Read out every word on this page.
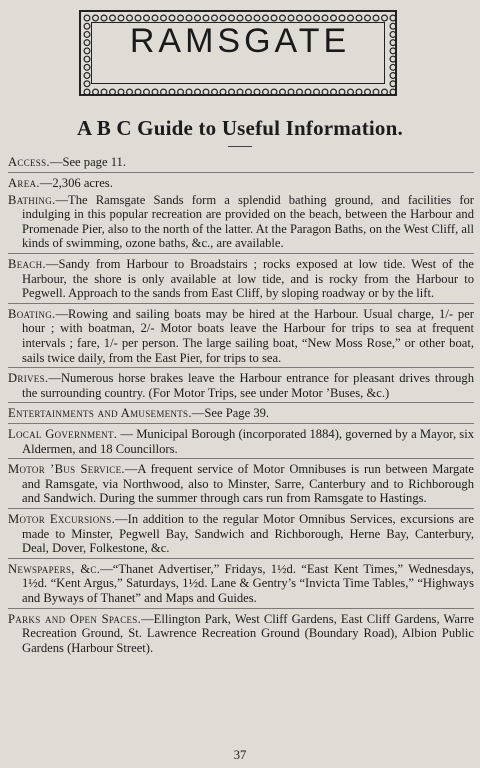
RAMSGATE
A B C Guide to Useful Information.
Access.—See page 11.
Area.—2,306 acres.
Bathing.—The Ramsgate Sands form a splendid bathing ground, and facilities for indulging in this popular recreation are provided on the beach, between the Harbour and Promenade Pier, also to the north of the latter. At the Paragon Baths, on the West Cliff, all kinds of swimming, ozone baths, &c., are available.
Beach.—Sandy from Harbour to Broadstairs ; rocks exposed at low tide. West of the Harbour, the shore is only available at low tide, and is rocky from the Harbour to Pegwell. Approach to the sands from East Cliff, by sloping roadway or by the lift.
Boating.—Rowing and sailing boats may be hired at the Harbour. Usual charge, 1/- per hour ; with boatman, 2/- Motor boats leave the Harbour for trips to sea at frequent intervals ; fare, 1/- per person. The large sailing boat, “New Moss Rose,” or other boat, sails twice daily, from the East Pier, for trips to sea.
Drives.—Numerous horse brakes leave the Harbour entrance for pleasant drives through the surrounding country. (For Motor Trips, see under Motor ’Buses, &c.)
Entertainments and Amusements.—See Page 39.
Local Government. — Municipal Borough (incorporated 1884), governed by a Mayor, six Aldermen, and 18 Councillors.
Motor ’Bus Service.—A frequent service of Motor Omnibuses is run between Margate and Ramsgate, via Northwood, also to Minster, Sarre, Canterbury and to Richborough and Sandwich. During the summer through cars run from Ramsgate to Hastings.
Motor Excursions.—In addition to the regular Motor Omnibus Services, excursions are made to Minster, Pegwell Bay, Sandwich and Richborough, Herne Bay, Canterbury, Deal, Dover, Folkestone, &c.
Newspapers, &c.—“Thanet Advertiser,” Fridays, 1½d. “East Kent Times,” Wednesdays, 1½d. “Kent Argus,” Saturdays, 1½d. Lane & Gentry’s “Invicta Time Tables,” “Highways and Byways of Thanet” and Maps and Guides.
Parks and Open Spaces.—Ellington Park, West Cliff Gardens, East Cliff Gardens, Warre Recreation Ground, St. Lawrence Recreation Ground (Boundary Road), Albion Public Gardens (Harbour Street).
37
